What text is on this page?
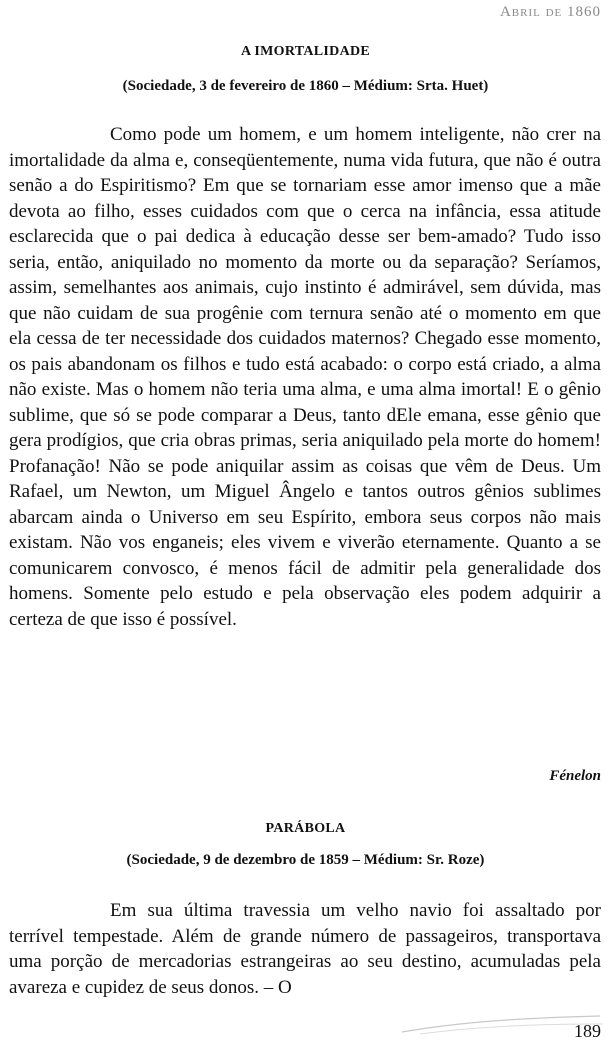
Abril de 1860
A IMORTALIDADE
(Sociedade, 3 de fevereiro de 1860 – Médium: Srta. Huet)

Como pode um homem, e um homem inteligente, não crer na imortalidade da alma e, conseqüentemente, numa vida futura, que não é outra senão a do Espiritismo? Em que se tornariam esse amor imenso que a mãe devota ao filho, esses cuidados com que o cerca na infância, essa atitude esclarecida que o pai dedica à educação desse ser bem-amado? Tudo isso seria, então, aniquilado no momento da morte ou da separação? Seríamos, assim, semelhantes aos animais, cujo instinto é admirável, sem dúvida, mas que não cuidam de sua progênie com ternura senão até o momento em que ela cessa de ter necessidade dos cuidados maternos? Chegado esse momento, os pais abandonam os filhos e tudo está acabado: o corpo está criado, a alma não existe. Mas o homem não teria uma alma, e uma alma imortal! E o gênio sublime, que só se pode comparar a Deus, tanto dEle emana, esse gênio que gera prodígios, que cria obras primas, seria aniquilado pela morte do homem! Profanação! Não se pode aniquilar assim as coisas que vêm de Deus. Um Rafael, um Newton, um Miguel Ângelo e tantos outros gênios sublimes abarcam ainda o Universo em seu Espírito, embora seus corpos não mais existam. Não vos enganeis; eles vivem e viverão eternamente. Quanto a se comunicarem convosco, é menos fácil de admitir pela generalidade dos homens. Somente pelo estudo e pela observação eles podem adquirir a certeza de que isso é possível.

Fénelon
PARÁBOLA
(Sociedade, 9 de dezembro de 1859 – Médium: Sr. Roze)

Em sua última travessia um velho navio foi assaltado por terrível tempestade. Além de grande número de passageiros, transportava uma porção de mercadorias estrangeiras ao seu destino, acumuladas pela avareza e cupidez de seus donos. – O

189
